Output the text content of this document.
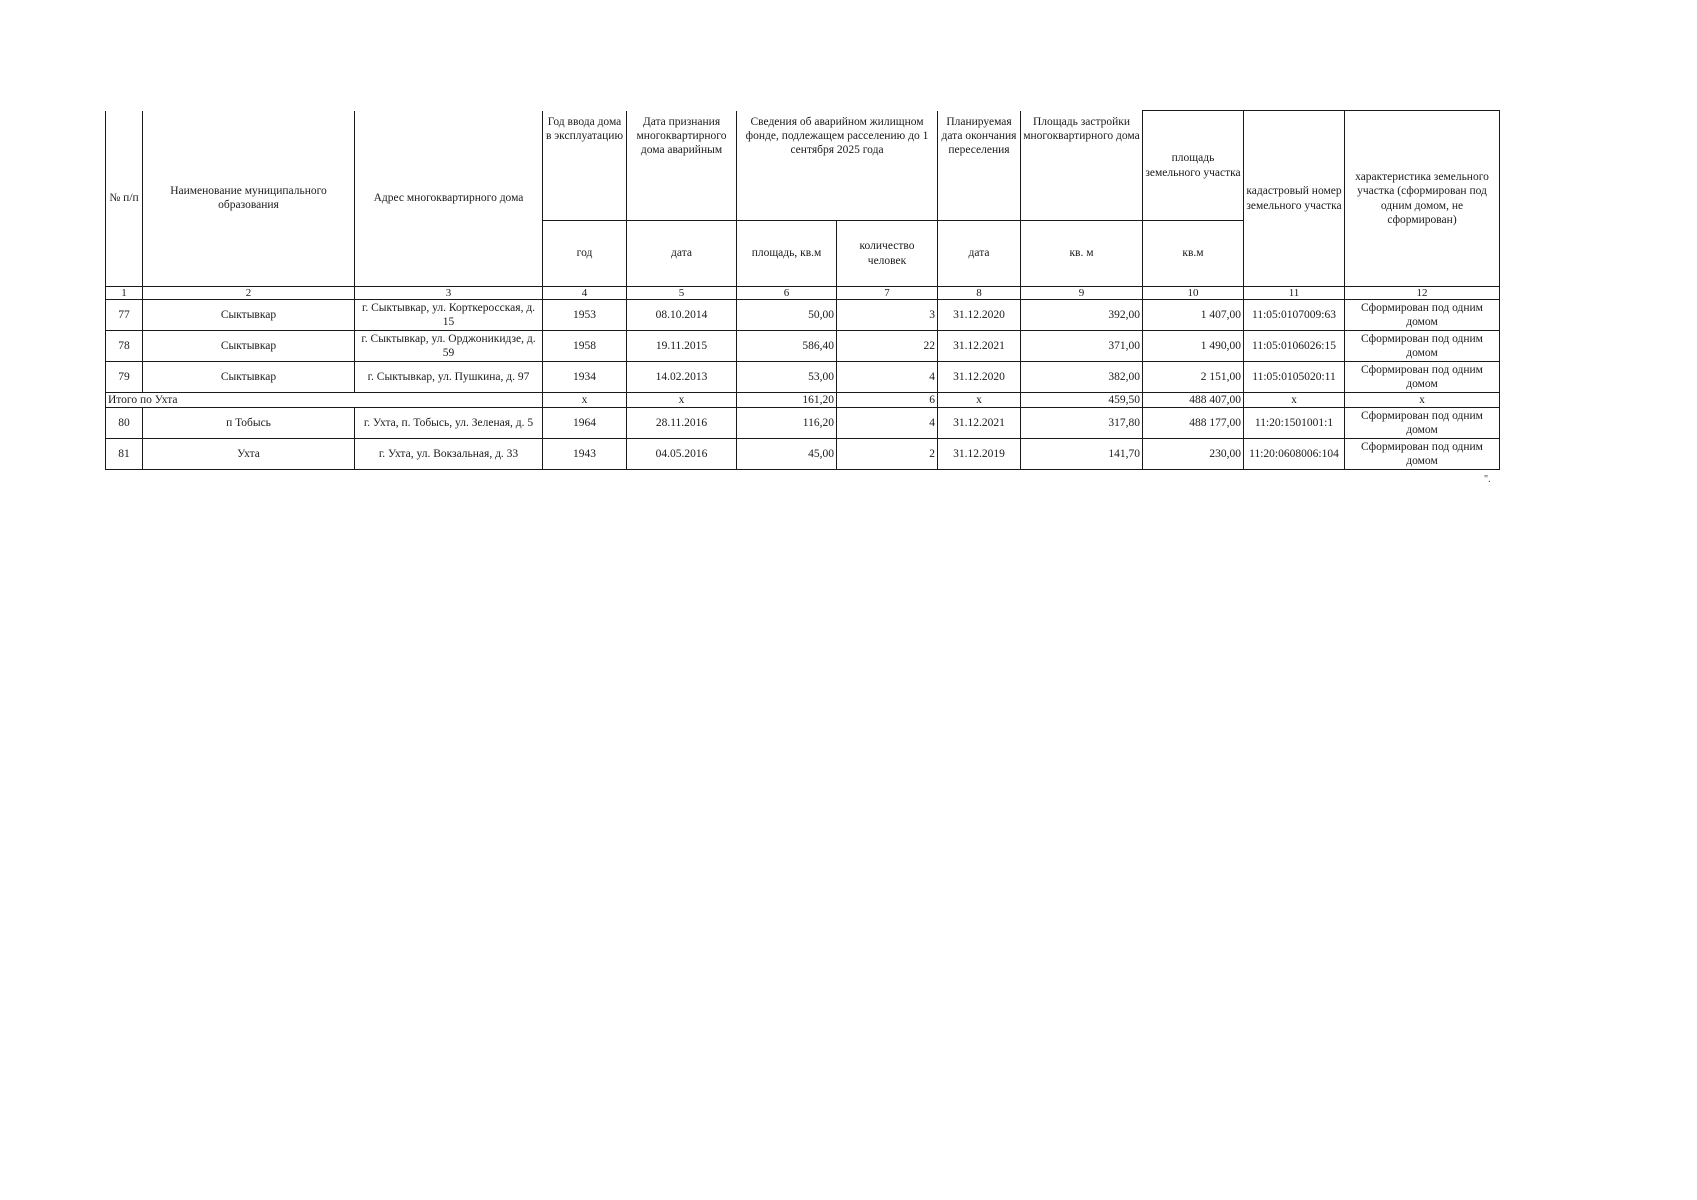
№ п/п	Наименование муниципального образования	Адрес многоквартирного дома	Год ввода дома в эксплуатацию	Дата признания многоквартирного дома аварийным	Сведения об аварийном жилищном фонде, подлежащем расселению до 1 сентября 2025 года		Планируемая дата окончания переселения	Площадь застройки многоквартирного дома	площадь земельного участка	кадастровый номер земельного участка	характеристика земельного участка (сформирован под одним домом, не сформирован)
			год	дата	площадь, кв.м	количество человек	дата	кв. м	кв.м		
1	2	3	4	5	6	7	8	9	10	11	12
77	Сыктывкар	г. Сыктывкар, ул. Корткеросская, д. 15	1953	08.10.2014	50,00	3	31.12.2020	392,00	1 407,00	11:05:0107009:63	Сформирован под одним домом
78	Сыктывкар	г. Сыктывкар, ул. Орджоникидзе, д. 59	1958	19.11.2015	586,40	22	31.12.2021	371,00	1 490,00	11:05:0106026:15	Сформирован под одним домом
79	Сыктывкар	г. Сыктывкар, ул. Пушкина, д. 97	1934	14.02.2013	53,00	4	31.12.2020	382,00	2 151,00	11:05:0105020:11	Сформирован под одним домом
Итого по Ухта			х	х	161,20	6	х	459,50	488 407,00	х	х
80	п Тобысь	г. Ухта, п. Тобысь, ул. Зеленая, д. 5	1964	28.11.2016	116,20	4	31.12.2021	317,80	488 177,00	11:20:1501001:1	Сформирован под одним домом
81	Ухта	г. Ухта, ул. Вокзальная, д. 33	1943	04.05.2016	45,00	2	31.12.2019	141,70	230,00	11:20:0608006:104	Сформирован под одним домом
".
